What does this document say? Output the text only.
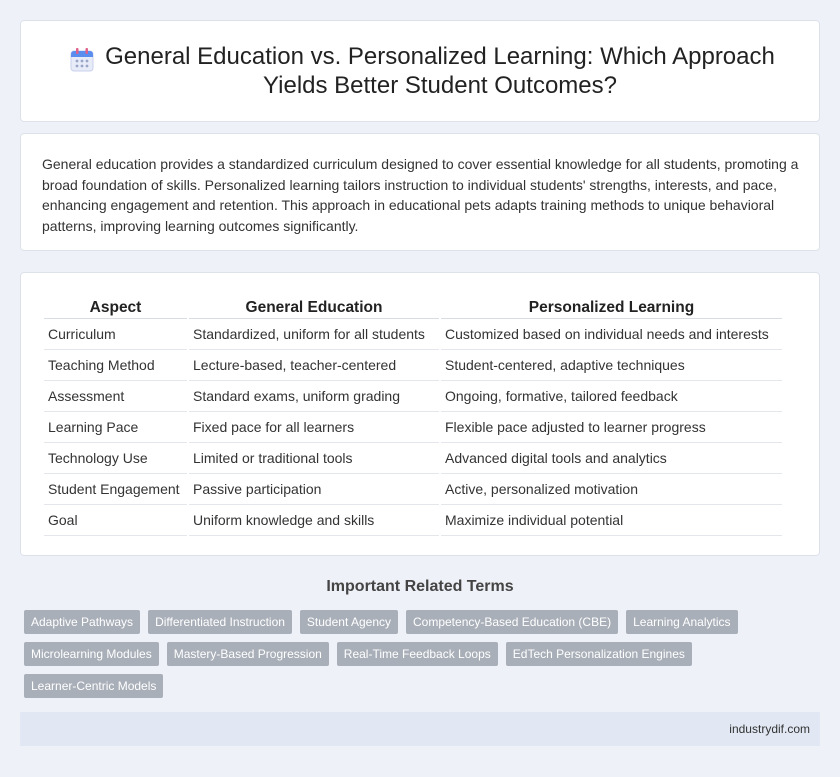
General Education vs. Personalized Learning: Which Approach Yields Better Student Outcomes?

General education provides a standardized curriculum designed to cover essential knowledge for all students, promoting a broad foundation of skills. Personalized learning tailors instruction to individual students' strengths, interests, and pace, enhancing engagement and retention. This approach in educational pets adapts training methods to unique behavioral patterns, improving learning outcomes significantly.

Aspect	General Education	Personalized Learning
Curriculum	Standardized, uniform for all students	Customized based on individual needs and interests
Teaching Method	Lecture-based, teacher-centered	Student-centered, adaptive techniques
Assessment	Standard exams, uniform grading	Ongoing, formative, tailored feedback
Learning Pace	Fixed pace for all learners	Flexible pace adjusted to learner progress
Technology Use	Limited or traditional tools	Advanced digital tools and analytics
Student Engagement	Passive participation	Active, personalized motivation
Goal	Uniform knowledge and skills	Maximize individual potential
Important Related Terms
Adaptive Pathways	Differentiated Instruction	Student Agency	Competency-Based Education (CBE)	Learning Analytics
Microlearning Modules	Mastery-Based Progression	Real-Time Feedback Loops	EdTech Personalization Engines
Learner-Centric Models
industrydif.com
